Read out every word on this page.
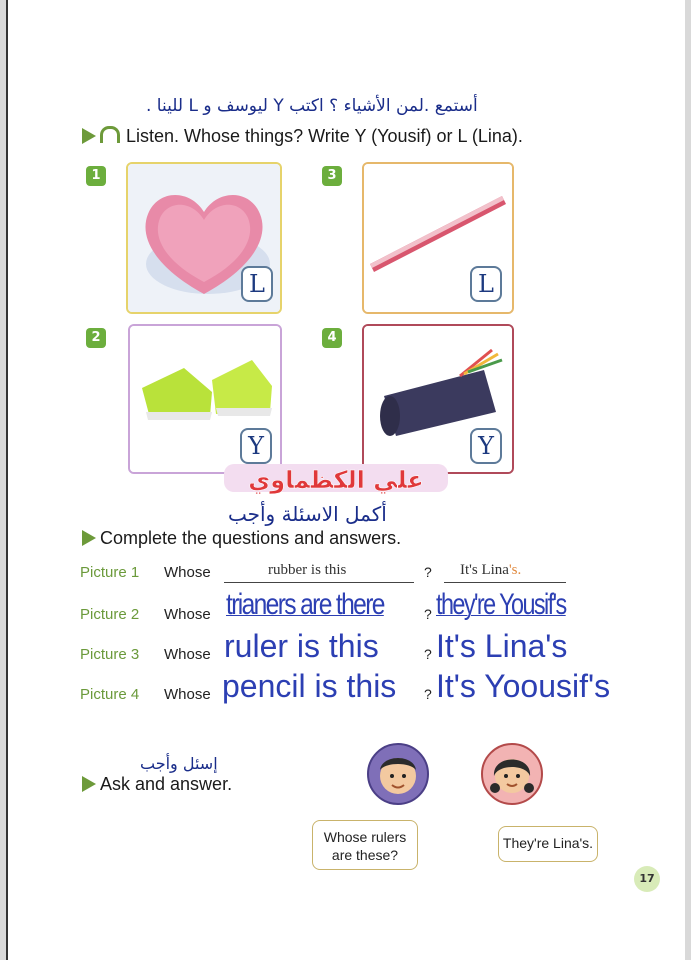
أستمع .لمن الأشياء ؟ اكتب Y ليوسف و L للينا .
Listen. Whose things? Write Y (Yousif) or L (Lina).
1
L
3
L
2
Y
4
Y
علي الكظماوي
أكمل الاسئلة وأجب
Complete the questions and answers.
Picture 1 Whose	rubber is this	? It's Lina's.
Picture 2 Whose trianers are there	? they're Yousif's
Picture 3 Whose ruler is this	? It's Lina's
Picture 4 Whose pencil is this ? It's Yoousif's
إسئل وأجب
Ask and answer.
Whose rulers are these?
They're Lina's.
17
